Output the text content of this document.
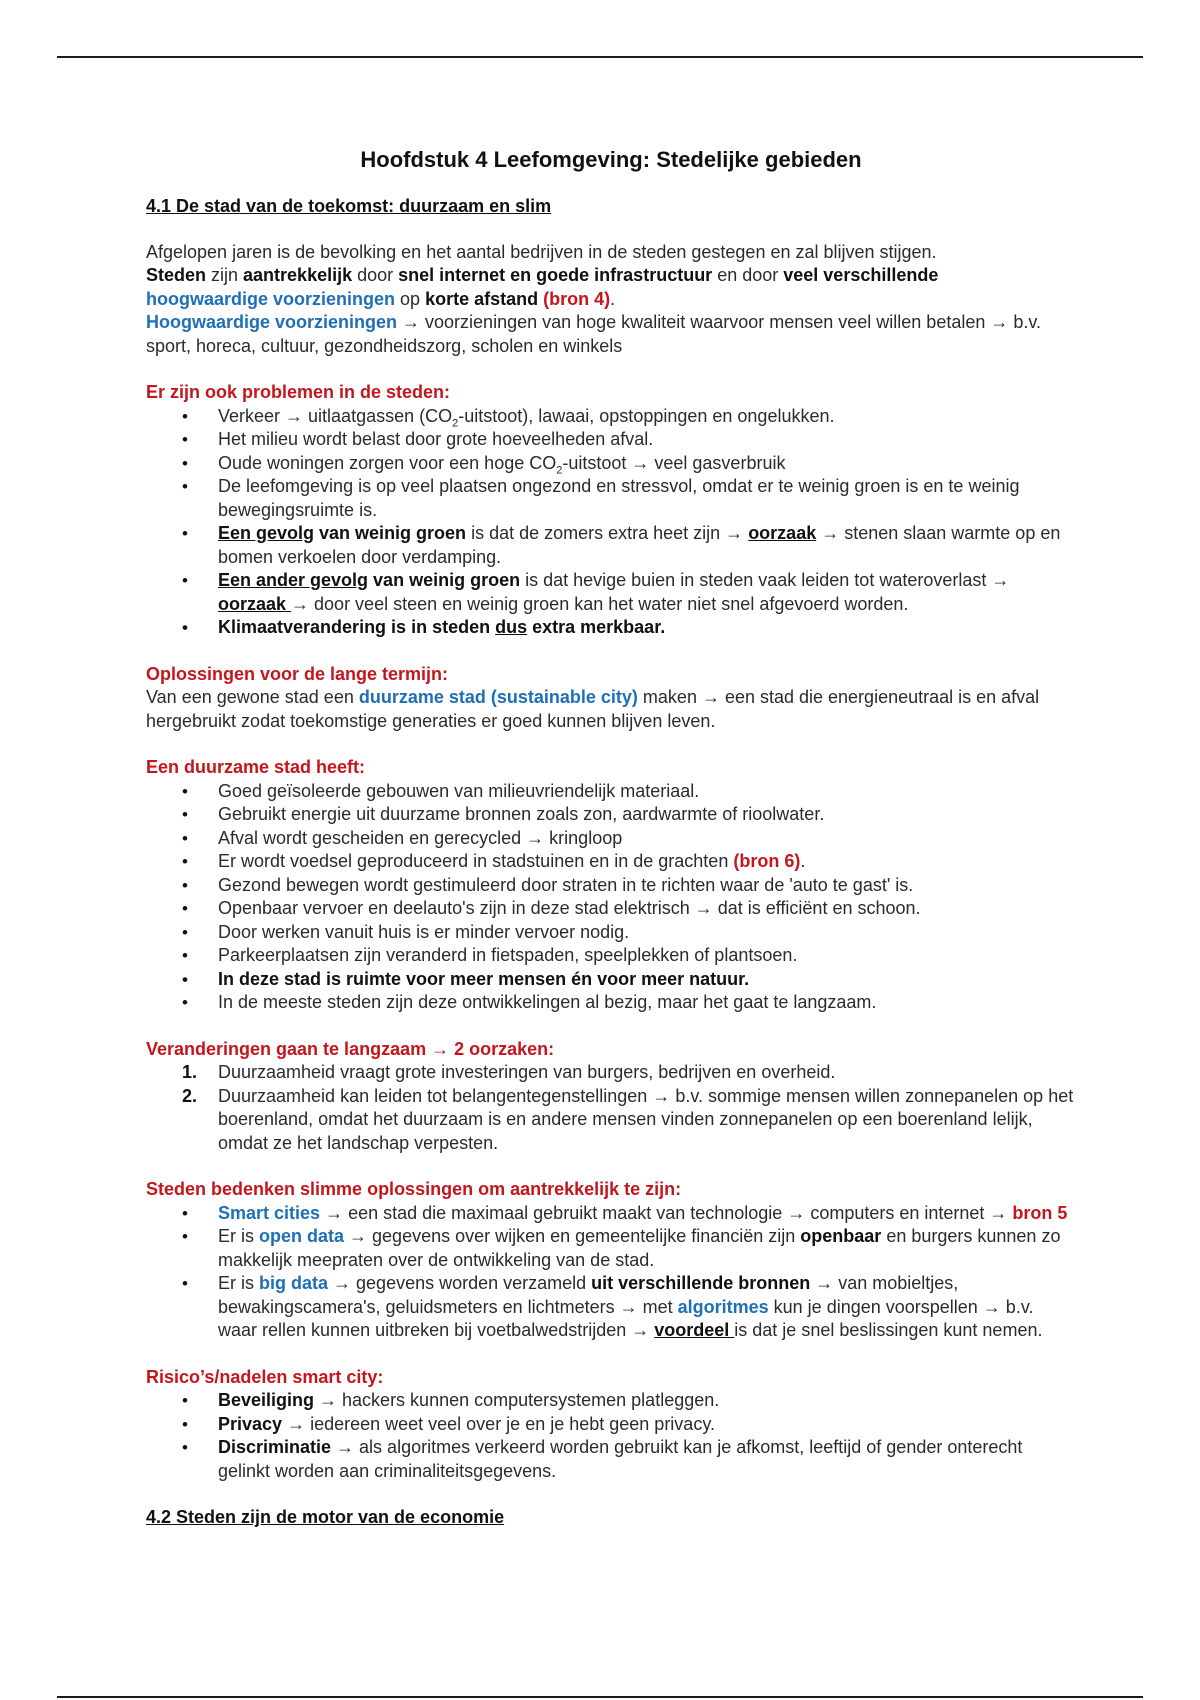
Hoofdstuk 4 Leefomgeving: Stedelijke gebieden
4.1 De stad van de toekomst: duurzaam en slim

Afgelopen jaren is de bevolking en het aantal bedrijven in de steden gestegen en zal blijven stijgen.
Steden zijn aantrekkelijk door snel internet en goede infrastructuur en door veel verschillende
hoogwaardige voorzieningen op korte afstand (bron 4).

Hoogwaardige voorzieningen → voorzieningen van hoge kwaliteit waarvoor mensen veel willen betalen → b.v. sport, horeca, cultuur, gezondheidszorg, scholen en winkels

Er zijn ook problemen in de steden:
• Verkeer → uitlaatgassen $(CO_2-uitstoot)$, lawaai, opstoppingen en ongelukken.
• Het milieu wordt belast door grote hoeveelheden afval.
• Oude woningen zorgen voor een hoge $CO_2$-uitstoot → veel gasverbruik
• De leefomgeving is op veel plaatsen ongezond en stressvol, omdat er te weinig groen is en te weinig bewegingsruimte is.
• Een gevolg van weinig groen is dat de zomers extra heet zijn → oorzaak → stenen slaan warmte op en bomen verkoelen door verdamping.
• Een ander gevolg van weinig groen is dat hevige buien in steden vaak leiden tot wateroverlast → oorzaak → door veel steen en weinig groen kan het water niet snel afgevoerd worden.
• Klimaatverandering is in steden dus extra merkbaar.
Oplossingen voor de lange termijn:

Van een gewone stad een duurzame stad (sustainable city) maken → een stad die energieneutraal is en afval hergebruikt zodat toekomstige generaties er goed kunnen blijven leven.

Een duurzame stad heeft:
• Goed geïsoleerde gebouwen van milieuvriendelijk materiaal.
• Gebruikt energie uit duurzame bronnen zoals zon, aardwarmte of rioolwater.
• Afval wordt gescheiden en gerecycled → kringloop
• Er wordt voedsel geproduceerd in stadstuinen en in de grachten (bron 6).
• Gezond bewegen wordt gestimuleerd door straten in te richten waar de 'auto te gast' is.
• Openbaar vervoer en deelauto's zijn in deze stad elektrisch → dat is efficiënt en schoon.
• Door werken vanuit huis is er minder vervoer nodig.
• Parkeerplaatsen zijn veranderd in fietspaden, speelplekken of plantsoen.
• In deze stad is ruimte voor meer mensen én voor meer natuur.
• In de meeste steden zijn deze ontwikkelingen al bezig, maar het gaat te langzaam.
Veranderingen gaan te langzaam → 2 oorzaken:
1. Duurzaamheid vraagt grote investeringen van burgers, bedrijven en overheid.
2. Duurzaamheid kan leiden tot belangentegenstellingen → b.v. sommige mensen willen zonnepanelen op het boerenland, omdat het duurzaam is en andere mensen vinden zonnepanelen op een boerenland lelijk, omdat ze het landschap verpesten.
Steden bedenken slimme oplossingen om aantrekkelijk te zijn:
• Smart cities → een stad die maximaal gebruikt maakt van technologie → computers en internet → bron 5
• Er is open data → gegevens over wijken en gemeentelijke financiën zijn openbaar en burgers kunnen zo makkelijk meepraten over de ontwikkeling van de stad.
• Er is big data → gegevens worden verzameld uit verschillende bronnen → van mobieltjes, bewakingscamera's, geluidsmeters en lichtmeters → met algoritmes kun je dingen voorspellen → b.v. waar rellen kunnen uitbreken bij voetbalwedstrijden → voordeel is dat je snel beslissingen kunt nemen.
Risico’s/nadelen smart city:
• Beveiliging → hackers kunnen computersystemen platleggen.
• Privacy → iedereen weet veel over je en je hebt geen privacy.
• Discriminatie → als algoritmes verkeerd worden gebruikt kan je afkomst, leeftijd of gender onterecht gelinkt worden aan criminaliteitsgegevens.
4.2 Steden zijn de motor van de economie
